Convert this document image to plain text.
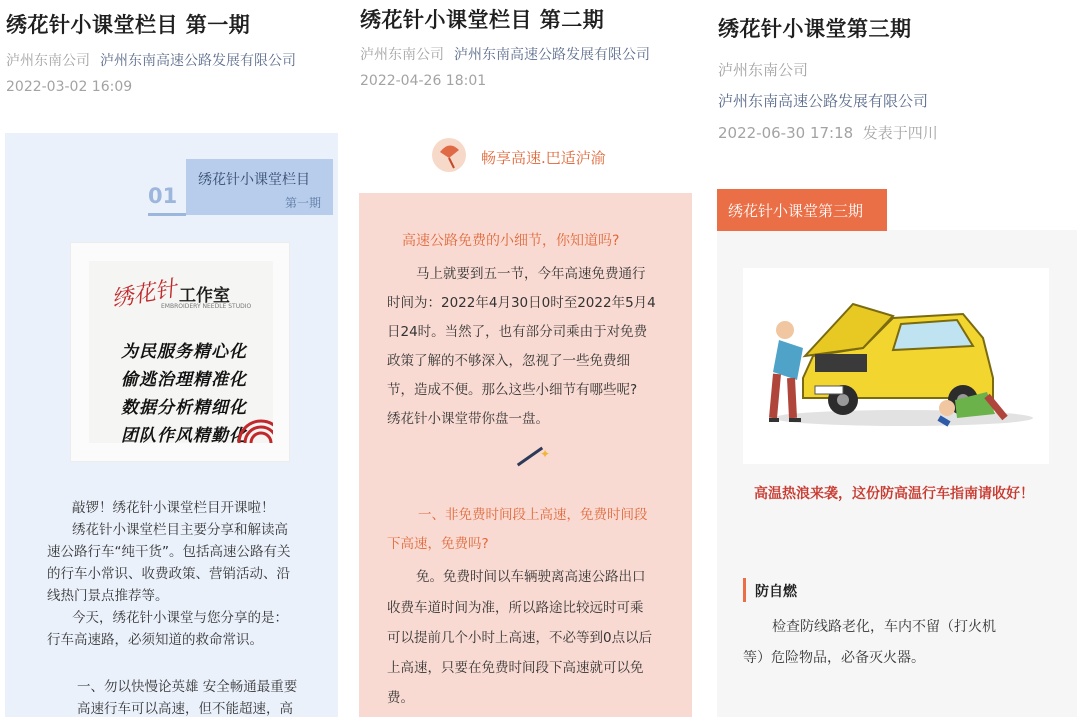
绣花针小课堂栏目 第一期
泸州东南公司 泸州东南高速公路发展有限公司
2022-03-02 16:09
01
绣花针小课堂栏目
第一期
绣花针 工作室
EMBROIDERY NEEDLE STUDIO
为民服务精心化
偷逃治理精准化
数据分析精细化
团队作风精勤化
敲锣！绣花针小课堂栏目开课啦！
绣花针小课堂栏目主要分享和解读高
速公路行车“纯干货”。包括高速公路有关
的行车小常识、收费政策、营销活动、沿
线热门景点推荐等。
今天，绣花针小课堂与您分享的是：
行车高速路，必须知道的救命常识。
一、勿以快慢论英雄 安全畅通最重要
高速行车可以高速，但不能超速，高
绣花针小课堂栏目 第二期
泸州东南公司 泸州东南高速公路发展有限公司
2022-04-26 18:01
畅享高速.巴适泸渝
高速公路免费的小细节，你知道吗?
马上就要到五一节，今年高速免费通行
时间为：2022年4月30日0时至2022年5月4
日24时。当然了，也有部分司乘由于对免费
政策了解的不够深入，忽视了一些免费细
节，造成不便。那么这些小细节有哪些呢?
绣花针小课堂带你盘一盘。
✦
一、非免费时间段上高速，免费时间段
下高速，免费吗?
免。免费时间以车辆驶离高速公路出口
收费车道时间为准，所以路途比较远时可乘
可以提前几个小时上高速，不必等到0点以后
上高速，只要在免费时间段下高速就可以免
费。
绣花针小课堂第三期
泸州东南公司
泸州东南高速公路发展有限公司
2022-06-30 17:18 发表于四川
绣花针小课堂第三期
高温热浪来袭，这份防高温行车指南请收好！
防自燃
检查防线路老化，车内不留（打火机
等）危险物品，必备灭火器。
